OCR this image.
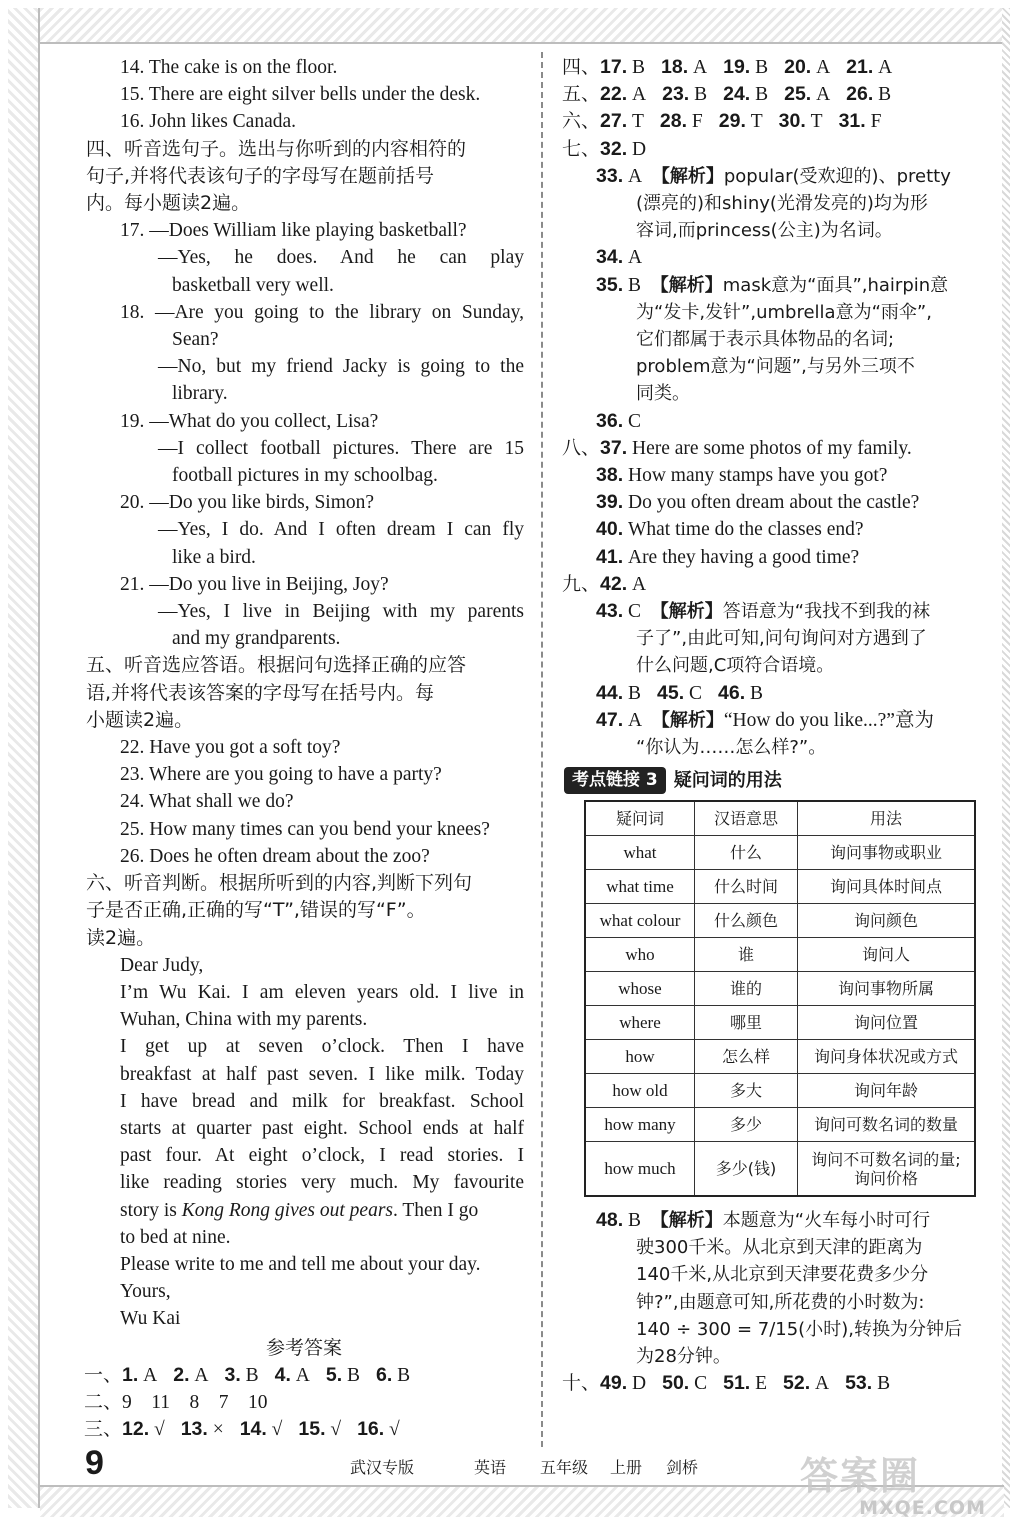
14. The cake is on the floor.
15. There are eight silver bells under the desk.
16. John likes Canada.
四、听音选句子。选出与你听到的内容相符的
句子,并将代表该句子的字母写在题前括号
内。每小题读2遍。
17. —Does William like playing basketball?
—Yes, he does. And he can play
basketball very well.
18. —Are you going to the library on Sunday,
Sean?
—No, but my friend Jacky is going to the
library.
19. —What do you collect, Lisa?
—I collect football pictures. There are 15
football pictures in my schoolbag.
20. —Do you like birds, Simon?
—Yes, I do. And I often dream I can fly
like a bird.
21. —Do you live in Beijing, Joy?
—Yes, I live in Beijing with my parents
and my grandparents.
五、听音选应答语。根据问句选择正确的应答
语,并将代表该答案的字母写在括号内。每
小题读2遍。
22. Have you got a soft toy?
23. Where are you going to have a party?
24. What shall we do?
25. How many times can you bend your knees?
26. Does he often dream about the zoo?
六、听音判断。根据所听到的内容,判断下列句
子是否正确,正确的写“T”,错误的写“F”。
读2遍。
Dear Judy,
I’m Wu Kai. I am eleven years old. I live in
Wuhan, China with my parents.
I get up at seven o’clock. Then I have
breakfast at half past seven. I like milk. Today
I have bread and milk for breakfast. School
starts at quarter past eight. School ends at half
past four. At eight o’clock, I read stories. I
like reading stories very much. My favourite
story is Kong Rong gives out pears. Then I go
to bed at nine.
Please write to me and tell me about your day.
Yours,
Wu Kai
参考答案
一、1. A 2. A 3. B 4. A 5. B 6. B
二、9　11　8　7　10
三、12. √ 13. × 14. √ 15. √ 16. √
四、17. B 18. A 19. B 20. A 21. A
五、22. A 23. B 24. B 25. A 26. B
六、27. T 28. F 29. T 30. T 31. F
七、32. D
33. A 【解析】popular(受欢迎的)、pretty
(漂亮的)和shiny(光滑发亮的)均为形
容词,而princess(公主)为名词。
34. A
35. B 【解析】mask意为“面具”,hairpin意
为“发卡,发针”,umbrella意为“雨伞”,
它们都属于表示具体物品的名词;
problem意为“问题”,与另外三项不
同类。
36. C
八、37. Here are some photos of my family.
38. How many stamps have you got?
39. Do you often dream about the castle?
40. What time do the classes end?
41. Are they having a good time?
九、42. A
43. C 【解析】答语意为“我找不到我的袜
子了”,由此可知,问句询问对方遇到了
什么问题,C项符合语境。
44. B 45. C 46. B
47. A 【解析】“How do you like...?”意为
“你认为……怎么样?”。
考点链接 3 疑问词的用法
疑问词	汉语意思	用法
what	什么	询问事物或职业
what time	什么时间	询问具体时间点
what colour	什么颜色	询问颜色
who	谁	询问人
whose	谁的	询问事物所属
where	哪里	询问位置
how	怎么样	询问身体状况或方式
how old	多大	询问年龄
how many	多少	询问可数名词的数量
how much	多少(钱)	询问不可数名词的量;
询问价格
48. B 【解析】本题意为“火车每小时可行
驶300千米。从北京到天津的距离为
140千米,从北京到天津要花费多少分
钟?”,由题意可知,所花费的小时数为:
140 ÷ 300 = 7/15(小时),转换为分钟后
为28分钟。
十、49. D 50. C 51. E 52. A 53. B
9	武汉专版	英语 五年级 上册 剑桥	答案圈
MXQE.COM
